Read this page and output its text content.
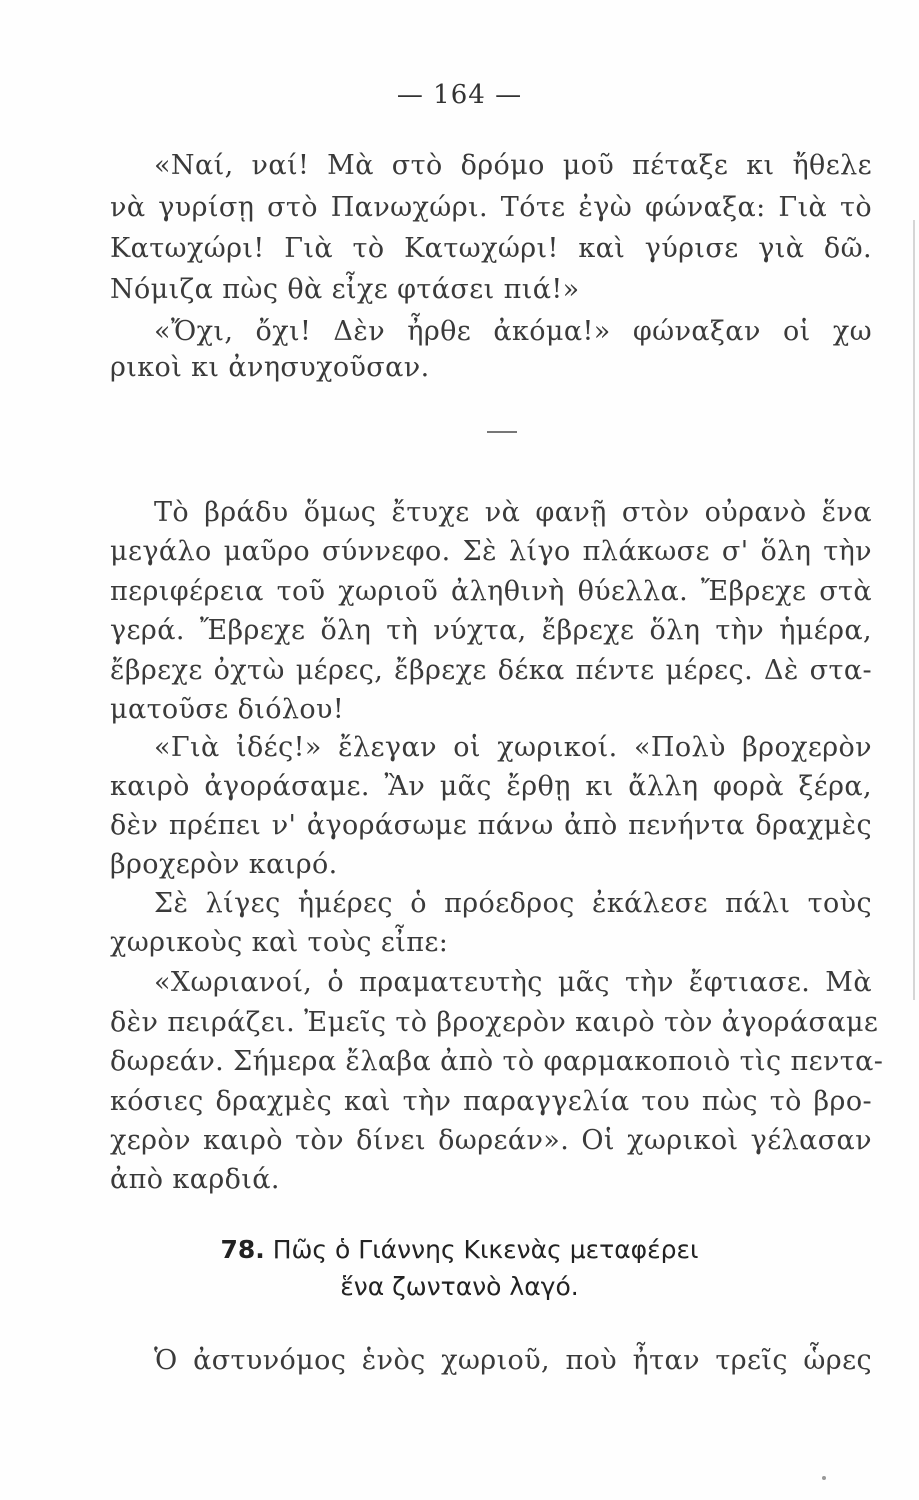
— 164 —
«Ναί, ναί! Μὰ στὸ δρόμο μοῦ πέταξε κι ἤθελε
νὰ γυρίσῃ στὸ Πανωχώρι. Τότε ἐγὼ φώναξα: Γιὰ τὸ
Κατωχώρι! Γιὰ τὸ Κατωχώρι! καὶ γύρισε γιὰ δῶ.
Νόμιζα πὼς θὰ εἶχε φτάσει πιά!»
«Ὄχι, ὄχι! Δὲν ἦρθε ἀκόμα!» φώναξαν οἱ χω
ρικοὶ κι ἀνησυχοῦσαν.
Τὸ βράδυ ὅμως ἔτυχε νὰ φανῇ στὸν οὐρανὸ ἕνα
μεγάλο μαῦρο σύννεφο. Σὲ λίγο πλάκωσε σ' ὅλη τὴν
περιφέρεια τοῦ χωριοῦ ἀληθινὴ θύελλα. Ἔβρεχε στὰ
γερά. Ἔβρεχε ὅλη τὴ νύχτα, ἔβρεχε ὅλη τὴν ἡμέρα,
ἔβρεχε ὀχτὼ μέρες, ἔβρεχε δέκα πέντε μέρες. Δὲ στα-
ματοῦσε διόλου!
«Γιὰ ἰδές!» ἔλεγαν οἱ χωρικοί. «Πολὺ βροχερὸν
καιρὸ ἀγοράσαμε. Ἂν μᾶς ἔρθῃ κι ἄλλη φορὰ ξέρα,
δὲν πρέπει ν' ἀγοράσωμε πάνω ἀπὸ πενήντα δραχμὲς
βροχερὸν καιρό.
Σὲ λίγες ἡμέρες ὁ πρόεδρος ἐκάλεσε πάλι τοὺς
χωρικοὺς καὶ τοὺς εἶπε:
«Χωριανοί, ὁ πραματευτὴς μᾶς τὴν ἔφτιασε. Μὰ
δὲν πειράζει. Ἐμεῖς τὸ βροχερὸν καιρὸ τὸν ἀγοράσαμε
δωρεάν. Σήμερα ἔλαβα ἀπὸ τὸ φαρμακοποιὸ τὶς πεντα-
κόσιες δραχμὲς καὶ τὴν παραγγελία του πὼς τὸ βρο-
χερὸν καιρὸ τὸν δίνει δωρεάν». Οἱ χωρικοὶ γέλασαν
ἀπὸ καρδιά.
78. Πῶς ὁ Γιάννης Κικενὰς μεταφέρει
ἕνα ζωντανὸ λαγό.
Ὁ ἀστυνόμος ἑνὸς χωριοῦ, ποὺ ἦταν τρεῖς ὧρες
